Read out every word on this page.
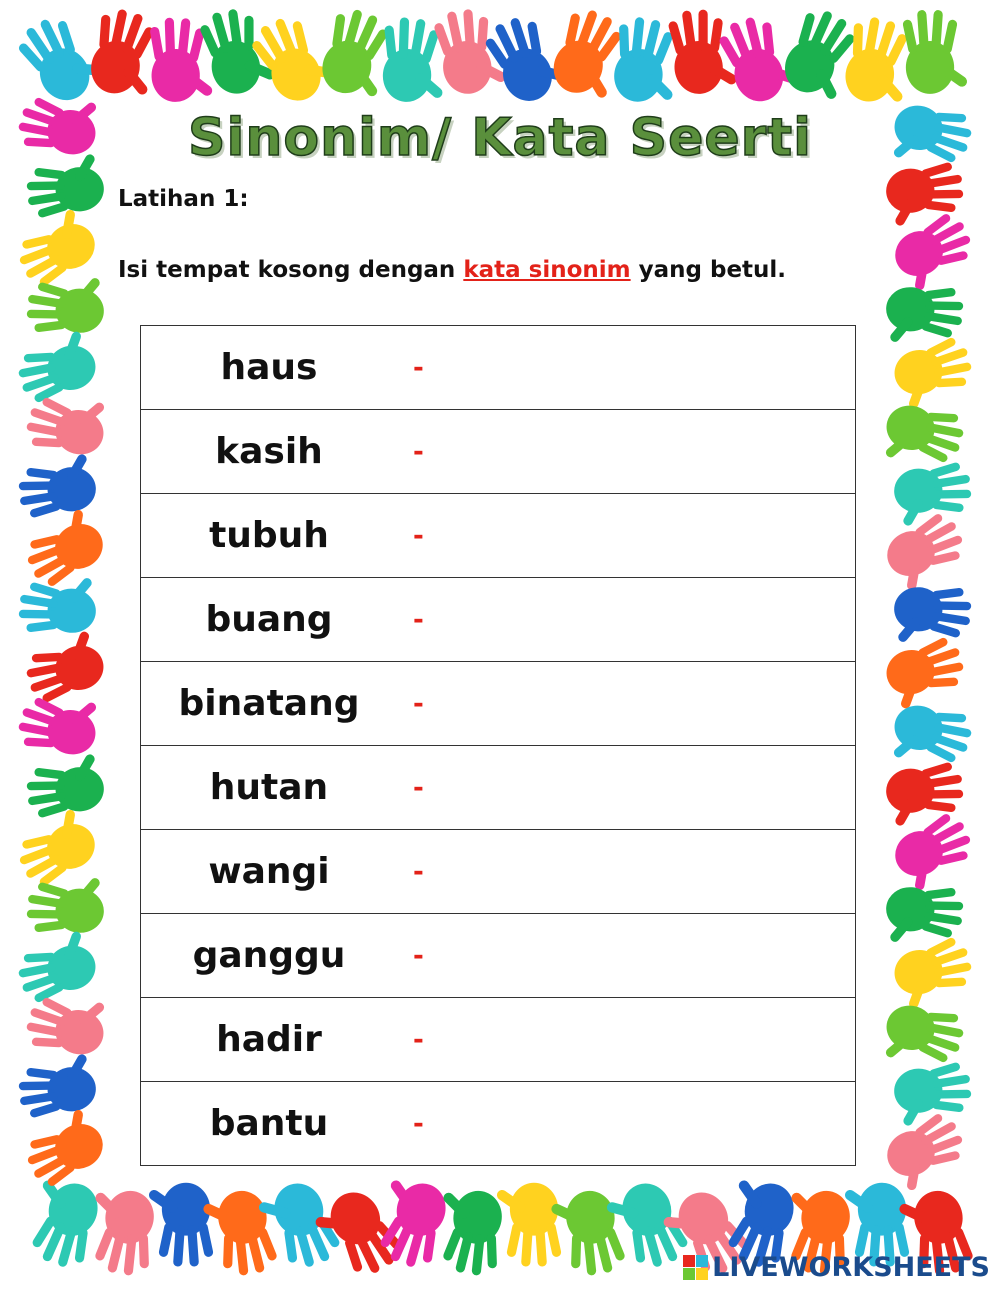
Sinonim/ Kata Seerti
Latihan 1:
Isi tempat kosong dengan kata sinonim yang betul.
haus	-
kasih	-
tubuh	-
buang	-
binatang	-
hutan	-
wangi	-
ganggu	-
hadir	-
bantu	-
LIVEWORKSHEETS
